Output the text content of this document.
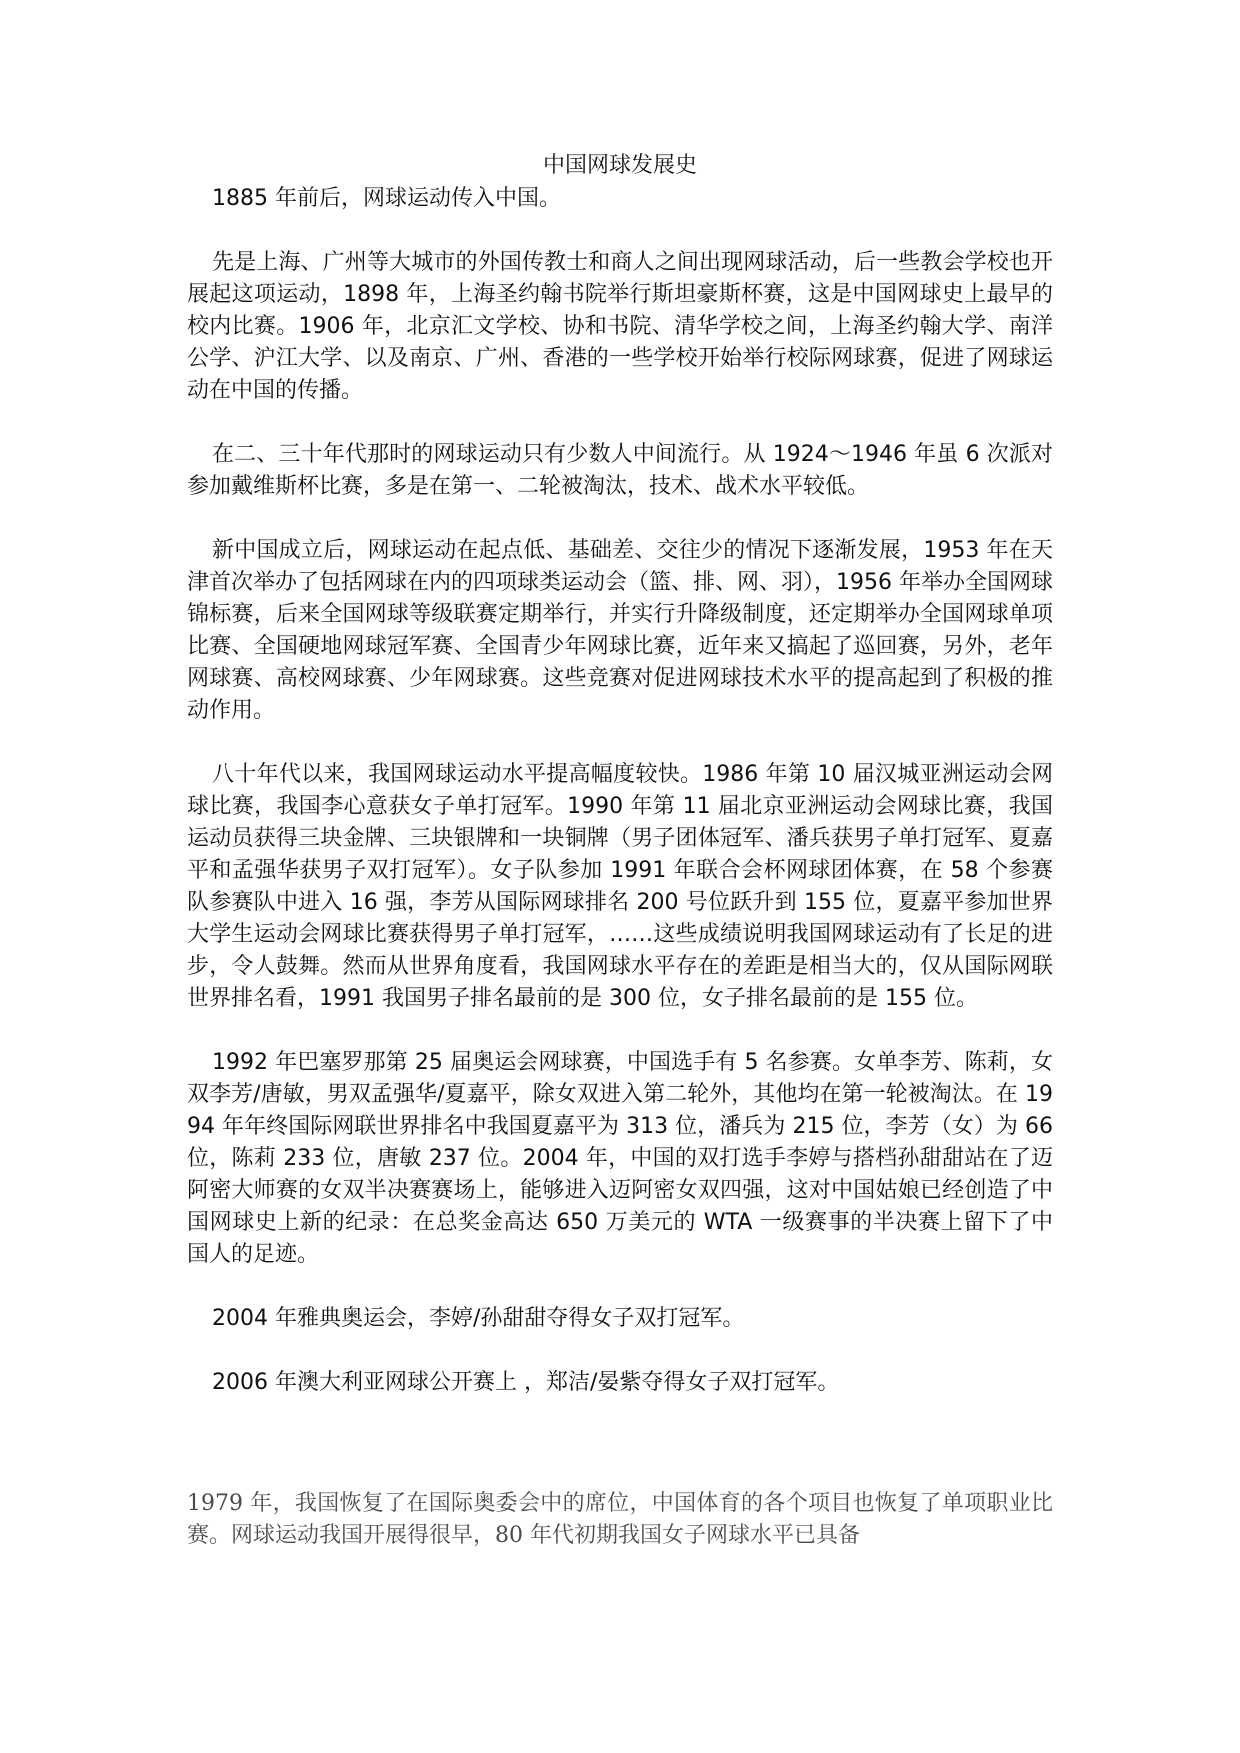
中国网球发展史

1885 年前后，网球运动传入中国。

先是上海、广州等大城市的外国传教士和商人之间出现网球活动，后一些教会学校也开展起这项运动，1898 年，上海圣约翰书院举行斯坦豪斯杯赛，这是中国网球史上最早的校内比赛。1906 年，北京汇文学校、协和书院、清华学校之间，上海圣约翰大学、南洋公学、沪江大学、以及南京、广州、香港的一些学校开始举行校际网球赛，促进了网球运动在中国的传播。

在二、三十年代那时的网球运动只有少数人中间流行。从 1924～1946 年虽 6 次派对参加戴维斯杯比赛，多是在第一、二轮被淘汰，技术、战术水平较低。

新中国成立后，网球运动在起点低、基础差、交往少的情况下逐渐发展，1953 年在天津首次举办了包括网球在内的四项球类运动会（篮、排、网、羽），1956 年举办全国网球锦标赛，后来全国网球等级联赛定期举行，并实行升降级制度，还定期举办全国网球单项比赛、全国硬地网球冠军赛、全国青少年网球比赛，近年来又搞起了巡回赛，另外，老年网球赛、高校网球赛、少年网球赛。这些竞赛对促进网球技术水平的提高起到了积极的推动作用。

八十年代以来，我国网球运动水平提高幅度较快。1986 年第 10 届汉城亚洲运动会网球比赛，我国李心意获女子单打冠军。1990 年第 11 届北京亚洲运动会网球比赛，我国运动员获得三块金牌、三块银牌和一块铜牌（男子团体冠军、潘兵获男子单打冠军、夏嘉平和孟强华获男子双打冠军）。女子队参加 1991 年联合会杯网球团体赛，在 58 个参赛队参赛队中进入 16 强，李芳从国际网球排名 200 号位跃升到 155 位，夏嘉平参加世界大学生运动会网球比赛获得男子单打冠军，……这些成绩说明我国网球运动有了长足的进步，令人鼓舞。然而从世界角度看，我国网球水平存在的差距是相当大的，仅从国际网联世界排名看，1991 我国男子排名最前的是 300 位，女子排名最前的是 155 位。

1992 年巴塞罗那第 25 届奥运会网球赛，中国选手有 5 名参赛。女单李芳、陈莉，女双李芳/唐敏，男双孟强华/夏嘉平，除女双进入第二轮外，其他均在第一轮被淘汰。在 1994 年年终国际网联世界排名中我国夏嘉平为 313 位，潘兵为 215 位，李芳（女）为 66 位，陈莉 233 位，唐敏 237 位。2004 年，中国的双打选手李婷与搭档孙甜甜站在了迈阿密大师赛的女双半决赛赛场上，能够进入迈阿密女双四强，这对中国姑娘已经创造了中国网球史上新的纪录：在总奖金高达 650 万美元的 WTA 一级赛事的半决赛上留下了中国人的足迹。

2004 年雅典奥运会，李婷/孙甜甜夺得女子双打冠军。

2006 年澳大利亚网球公开赛上 ，郑洁/晏紫夺得女子双打冠军。

1979 年，我国恢复了在国际奥委会中的席位，中国体育的各个项目也恢复了单项职业比赛。网球运动我国开展得很早，80 年代初期我国女子网球水平已具备
